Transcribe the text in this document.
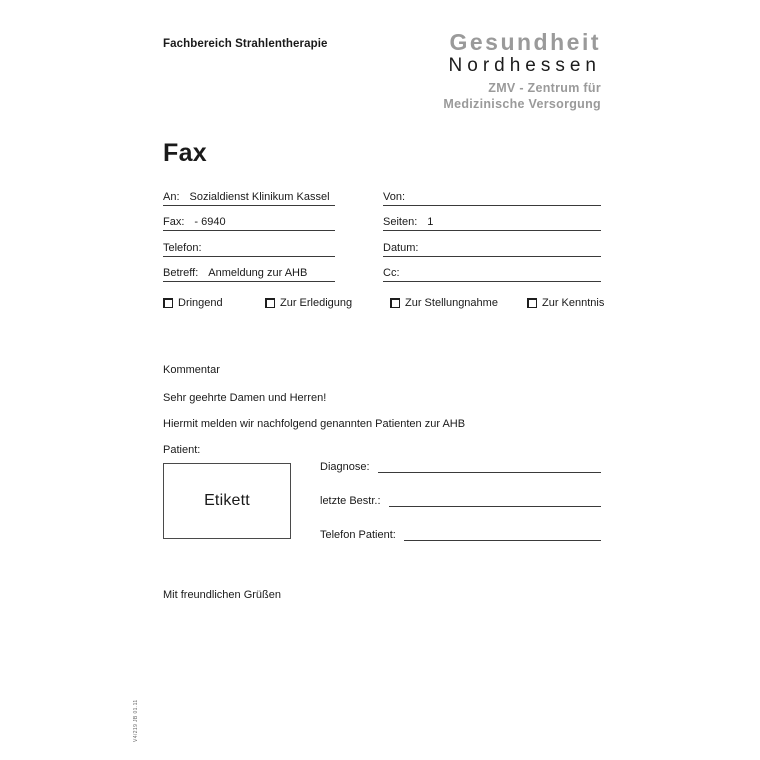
Fachbereich Strahlentherapie	Gesundheit
Nordhessen
ZMV - Zentrum für
Medizinische Versorgung
Fax
An: Sozialdienst Klinikum Kassel	Von:
Fax: - 6940	Seiten: 1
Telefon:	Datum:
Betreff: Anmeldung zur AHB	Cc:
Dringend	Zur Erledigung	Zur Stellungnahme	Zur Kenntnis
Kommentar
Sehr geehrte Damen und Herren!
Hiermit melden wir nachfolgend genannten Patienten zur AHB
Patient:
Etikett
Diagnose:
letzte Bestr.:
Telefon Patient:
Mit freundlichen Grüßen
V4/219 JB 01.11
